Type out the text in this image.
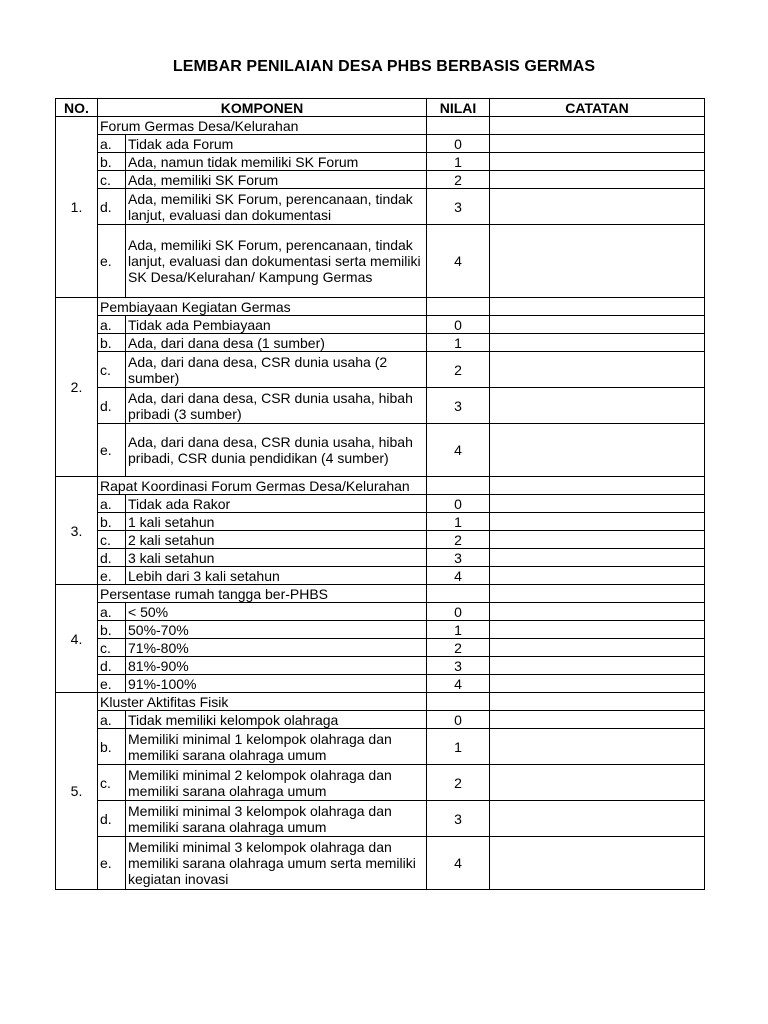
LEMBAR PENILAIAN DESA PHBS BERBASIS GERMAS
NO.	KOMPONEN		NILAI	CATATAN
1.	Forum Germas Desa/Kelurahan			
	a.	Tidak ada Forum	0	
	b.	Ada, namun tidak memiliki SK Forum	1	
	c.	Ada, memiliki SK Forum	2	
	d.	Ada, memiliki SK Forum, perencanaan, tindak lanjut, evaluasi dan dokumentasi	3	
	e.	Ada, memiliki SK Forum, perencanaan, tindak lanjut, evaluasi dan dokumentasi serta memiliki SK Desa/Kelurahan/ Kampung Germas	4	
2.	Pembiayaan Kegiatan Germas			
	a.	Tidak ada Pembiayaan	0	
	b.	Ada, dari dana desa (1 sumber)	1	
	c.	Ada, dari dana desa, CSR dunia usaha (2 sumber)	2	
	d.	Ada, dari dana desa, CSR dunia usaha, hibah pribadi (3 sumber)	3	
	e.	Ada, dari dana desa, CSR dunia usaha, hibah pribadi, CSR dunia pendidikan (4 sumber)	4	
3.	Rapat Koordinasi Forum Germas Desa/Kelurahan			
	a.	Tidak ada Rakor	0	
	b.	1 kali setahun	1	
	c.	2 kali setahun	2	
	d.	3 kali setahun	3	
	e.	Lebih dari 3 kali setahun	4	
4.	Persentase rumah tangga ber-PHBS			
	a.	< 50%	0	
	b.	50%-70%	1	
	c.	71%-80%	2	
	d.	81%-90%	3	
	e.	91%-100%	4	
5.	Kluster Aktifitas Fisik			
	a.	Tidak memiliki kelompok olahraga	0	
	b.	Memiliki minimal 1 kelompok olahraga dan memiliki sarana olahraga umum	1	
	c.	Memiliki minimal 2 kelompok olahraga dan memiliki sarana olahraga umum	2	
	d.	Memiliki minimal 3 kelompok olahraga dan memiliki sarana olahraga umum	3	
	e.	Memiliki minimal 3 kelompok olahraga dan memiliki sarana olahraga umum serta memiliki kegiatan inovasi	4	
